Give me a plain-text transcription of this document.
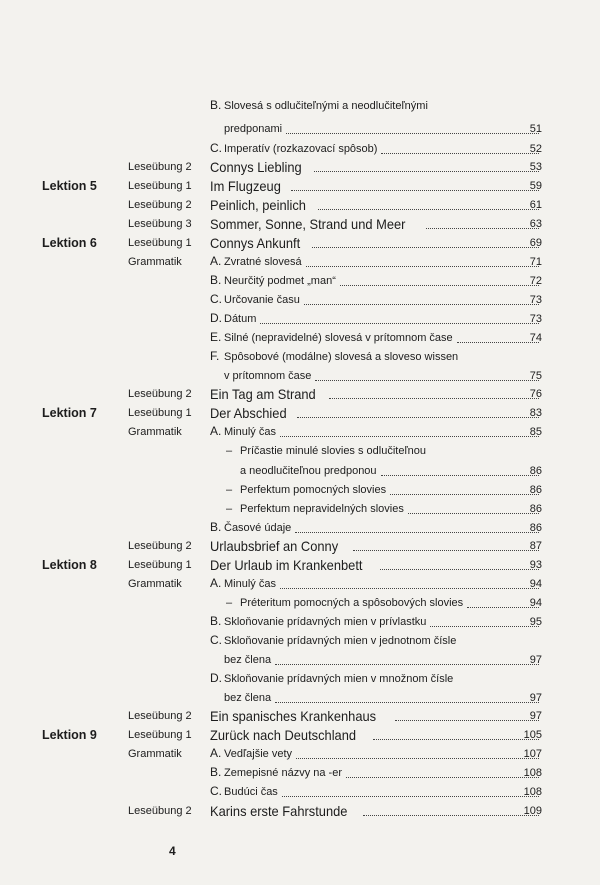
B. Slovesá s odlučiteľnými a neodlučiteľnými
predponami	51
C. Imperatív (rozkazovací spôsob)	52
Leseübung 2	Connys Liebling	53
Lektion 5	Leseübung 1	Im Flugzeug	59
Leseübung 2	Peinlich, peinlich	61
Leseübung 3	Sommer, Sonne, Strand und Meer	63
Lektion 6	Leseübung 1	Connys Ankunft	69
Grammatik	A. Zvratné slovesá	71
B. Neurčitý podmet „man“	72
C. Určovanie času	73
D. Dátum	73
E. Silné (nepravidelné) slovesá v prítomnom čase	74
F. Spôsobové (modálne) slovesá a sloveso wissen
v prítomnom čase	75
Leseübung 2	Ein Tag am Strand	76
Lektion 7	Leseübung 1	Der Abschied	83
Grammatik	A. Minulý čas	85
– Príčastie minulé slovies s odlučiteľnou
a neodlučiteľnou predponou	86
– Perfektum pomocných slovies	86
– Perfektum nepravidelných slovies	86
B. Časové údaje	86
Leseübung 2	Urlaubsbrief an Conny	87
Lektion 8	Leseübung 1	Der Urlaub im Krankenbett	93
Grammatik	A. Minulý čas	94
– Préteritum pomocných a spôsobových slovies	94
B. Skloňovanie prídavných mien v prívlastku	95
C. Skloňovanie prídavných mien v jednotnom čísle
bez člena	97
D. Skloňovanie prídavných mien v množnom čísle
bez člena	97
Leseübung 2	Ein spanisches Krankenhaus	97
Lektion 9	Leseübung 1	Zurück nach Deutschland	105
Grammatik	A. Vedľajšie vety	107
B. Zemepisné názvy na -er	108
C. Budúci čas	108
Leseübung 2	Karins erste Fahrstunde	109
4
